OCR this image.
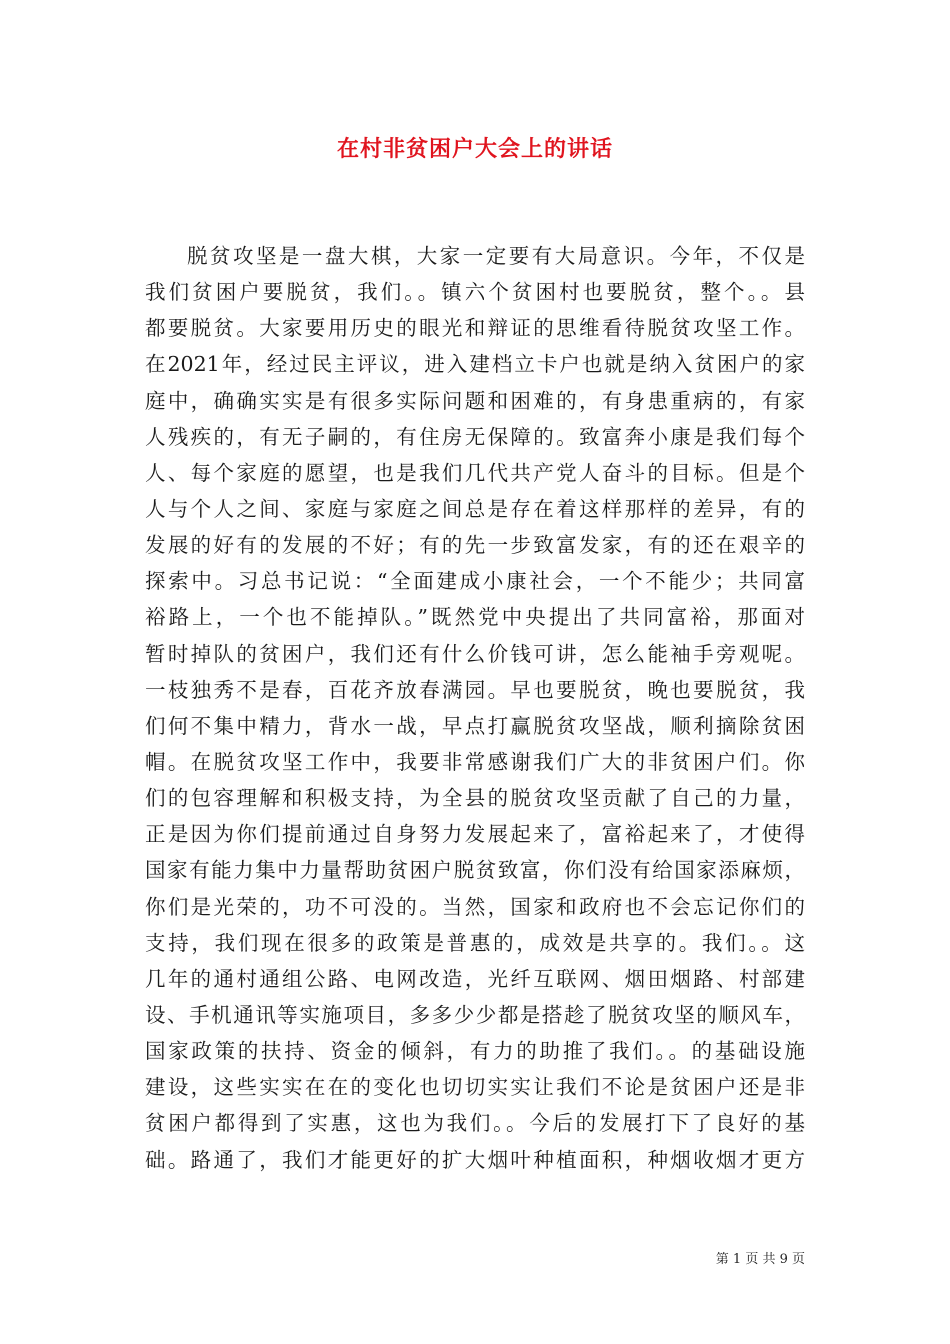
在村非贫困户大会上的讲话
脱贫攻坚是一盘大棋，大家一定要有大局意识。今年，不仅是
我们贫困户要脱贫，我们。。镇六个贫困村也要脱贫，整个。。县
都要脱贫。大家要用历史的眼光和辩证的思维看待脱贫攻坚工作。
在2021年，经过民主评议，进入建档立卡户也就是纳入贫困户的家
庭中，确确实实是有很多实际问题和困难的，有身患重病的，有家
人残疾的，有无子嗣的，有住房无保障的。致富奔小康是我们每个
人、每个家庭的愿望，也是我们几代共产党人奋斗的目标。但是个
人与个人之间、家庭与家庭之间总是存在着这样那样的差异，有的
发展的好有的发展的不好；有的先一步致富发家，有的还在艰辛的
探索中。习总书记说：“全面建成小康社会，一个不能少；共同富
裕路上，一个也不能掉队。”既然党中央提出了共同富裕，那面对
暂时掉队的贫困户，我们还有什么价钱可讲，怎么能袖手旁观呢。
一枝独秀不是春，百花齐放春满园。早也要脱贫，晚也要脱贫，我
们何不集中精力，背水一战，早点打赢脱贫攻坚战，顺利摘除贫困
帽。在脱贫攻坚工作中，我要非常感谢我们广大的非贫困户们。你
们的包容理解和积极支持，为全县的脱贫攻坚贡献了自己的力量，
正是因为你们提前通过自身努力发展起来了，富裕起来了，才使得
国家有能力集中力量帮助贫困户脱贫致富，你们没有给国家添麻烦，
你们是光荣的，功不可没的。当然，国家和政府也不会忘记你们的
支持，我们现在很多的政策是普惠的，成效是共享的。我们。。这
几年的通村通组公路、电网改造，光纤互联网、烟田烟路、村部建
设、手机通讯等实施项目，多多少少都是搭趁了脱贫攻坚的顺风车，
国家政策的扶持、资金的倾斜，有力的助推了我们。。的基础设施
建设，这些实实在在的变化也切切实实让我们不论是贫困户还是非
贫困户都得到了实惠，这也为我们。。今后的发展打下了良好的基
础。路通了，我们才能更好的扩大烟叶种植面积，种烟收烟才更方
第 1 页 共 9 页
